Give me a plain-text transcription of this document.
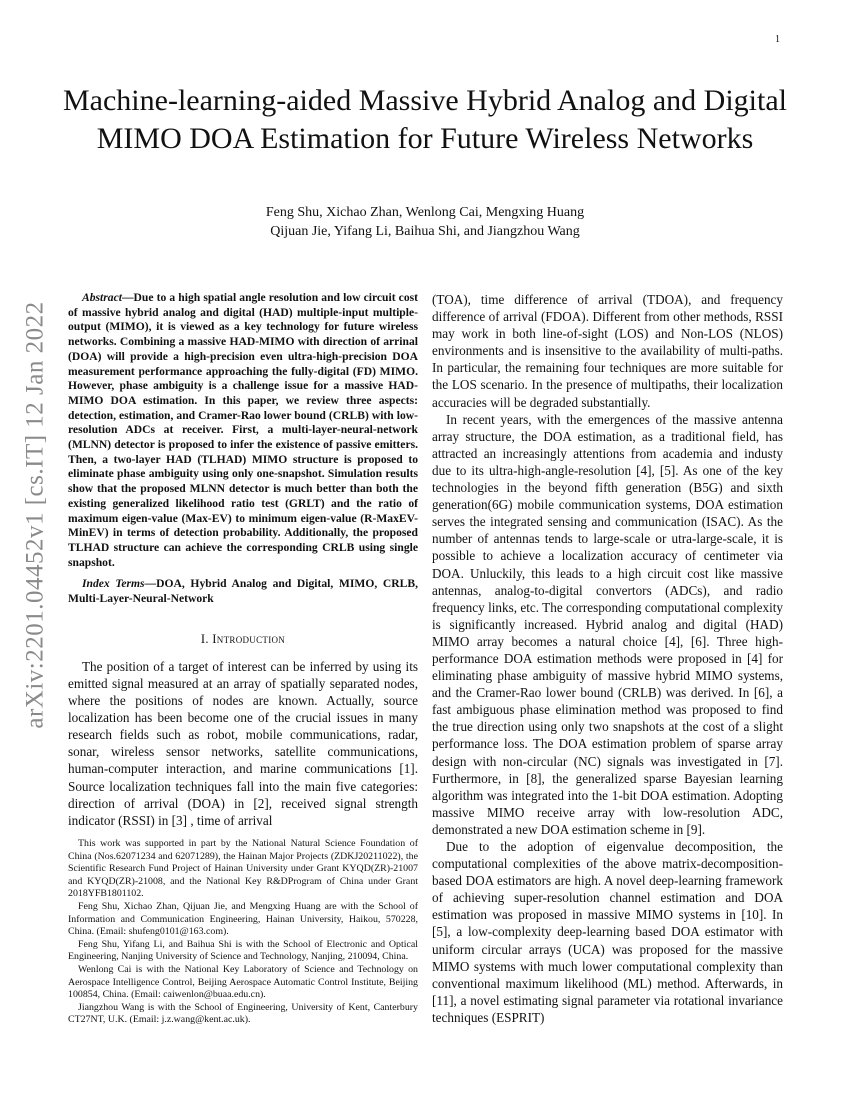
1
arXiv:2201.04452v1 [cs.IT] 12 Jan 2022
Machine-learning-aided Massive Hybrid Analog and Digital MIMO DOA Estimation for Future Wireless Networks
Feng Shu, Xichao Zhan, Wenlong Cai, Mengxing Huang
Qijuan Jie, Yifang Li, Baihua Shi, and Jiangzhou Wang

Abstract—Due to a high spatial angle resolution and low circuit cost of massive hybrid analog and digital (HAD) multiple-input multiple-output (MIMO), it is viewed as a key technology for future wireless networks. Combining a massive HAD-MIMO with direction of arrinal (DOA) will provide a high-precision even ultra-high-precision DOA measurement performance approaching the fully-digital (FD) MIMO. However, phase ambiguity is a challenge issue for a massive HAD-MIMO DOA estimation. In this paper, we review three aspects: detection, estimation, and Cramer-Rao lower bound (CRLB) with low-resolution ADCs at receiver. First, a multi-layer-neural-network (MLNN) detector is proposed to infer the existence of passive emitters. Then, a two-layer HAD (TLHAD) MIMO structure is proposed to eliminate phase ambiguity using only one-snapshot. Simulation results show that the proposed MLNN detector is much better than both the existing generalized likelihood ratio test (GRLT) and the ratio of maximum eigen-value (Max-EV) to minimum eigen-value (R-MaxEV-MinEV) in terms of detection probability. Additionally, the proposed TLHAD structure can achieve the corresponding CRLB using single snapshot.

Index Terms—DOA, Hybrid Analog and Digital, MIMO, CRLB, Multi-Layer-Neural-Network

I. Introduction

The position of a target of interest can be inferred by using its emitted signal measured at an array of spatially separated nodes, where the positions of nodes are known. Actually, source localization has been become one of the crucial issues in many research fields such as robot, mobile communications, radar, sonar, wireless sensor networks, satellite communications, human-computer interaction, and marine communications [1]. Source localization techniques fall into the main five categories: direction of arrival (DOA) in [2], received signal strength indicator (RSSI) in [3] , time of arrival

This work was supported in part by the National Natural Science Foundation of China (Nos.62071234 and 62071289), the Hainan Major Projects (ZDKJ20211022), the Scientific Research Fund Project of Hainan University under Grant KYQD(ZR)-21007 and KYQD(ZR)-21008, and the National Key R&DProgram of China under Grant 2018YFB1801102.

Feng Shu, Xichao Zhan, Qijuan Jie, and Mengxing Huang are with the School of Information and Communication Engineering, Hainan University, Haikou, 570228, China. (Email: shufeng0101@163.com).

Feng Shu, Yifang Li, and Baihua Shi is with the School of Electronic and Optical Engineering, Nanjing University of Science and Technology, Nanjing, 210094, China.

Wenlong Cai is with the National Key Laboratory of Science and Technology on Aerospace Intelligence Control, Beijing Aerospace Automatic Control Institute, Beijing 100854, China. (Email: caiwenlon@buaa.edu.cn).

Jiangzhou Wang is with the School of Engineering, University of Kent, Canterbury CT27NT, U.K. (Email: j.z.wang@kent.ac.uk).

(TOA), time difference of arrival (TDOA), and frequency difference of arrival (FDOA). Different from other methods, RSSI may work in both line-of-sight (LOS) and Non-LOS (NLOS) environments and is insensitive to the availability of multi-paths. In particular, the remaining four techniques are more suitable for the LOS scenario. In the presence of multipaths, their localization accuracies will be degraded substantially.

In recent years, with the emergences of the massive antenna array structure, the DOA estimation, as a traditional field, has attracted an increasingly attentions from academia and industy due to its ultra-high-angle-resolution [4], [5]. As one of the key technologies in the beyond fifth generation (B5G) and sixth generation(6G) mobile communication systems, DOA estimation serves the integrated sensing and communication (ISAC). As the number of antennas tends to large-scale or utra-large-scale, it is possible to achieve a localization accuracy of centimeter via DOA. Unluckily, this leads to a high circuit cost like massive antennas, analog-to-digital convertors (ADCs), and radio frequency links, etc. The corresponding computational complexity is significantly increased. Hybrid analog and digital (HAD) MIMO array becomes a natural choice [4], [6]. Three high-performance DOA estimation methods were proposed in [4] for eliminating phase ambiguity of massive hybrid MIMO systems, and the Cramer-Rao lower bound (CRLB) was derived. In [6], a fast ambiguous phase elimination method was proposed to find the true direction using only two snapshots at the cost of a slight performance loss. The DOA estimation problem of sparse array design with non-circular (NC) signals was investigated in [7]. Furthermore, in [8], the generalized sparse Bayesian learning algorithm was integrated into the 1-bit DOA estimation. Adopting massive MIMO receive array with low-resolution ADC, demonstrated a new DOA estimation scheme in [9].

Due to the adoption of eigenvalue decomposition, the computational complexities of the above matrix-decomposition-based DOA estimators are high. A novel deep-learning framework of achieving super-resolution channel estimation and DOA estimation was proposed in massive MIMO systems in [10]. In [5], a low-complexity deep-learning based DOA estimator with uniform circular arrays (UCA) was proposed for the massive MIMO systems with much lower computational complexity than conventional maximum likelihood (ML) method. Afterwards, in [11], a novel estimating signal parameter via rotational invariance techniques (ESPRIT)
